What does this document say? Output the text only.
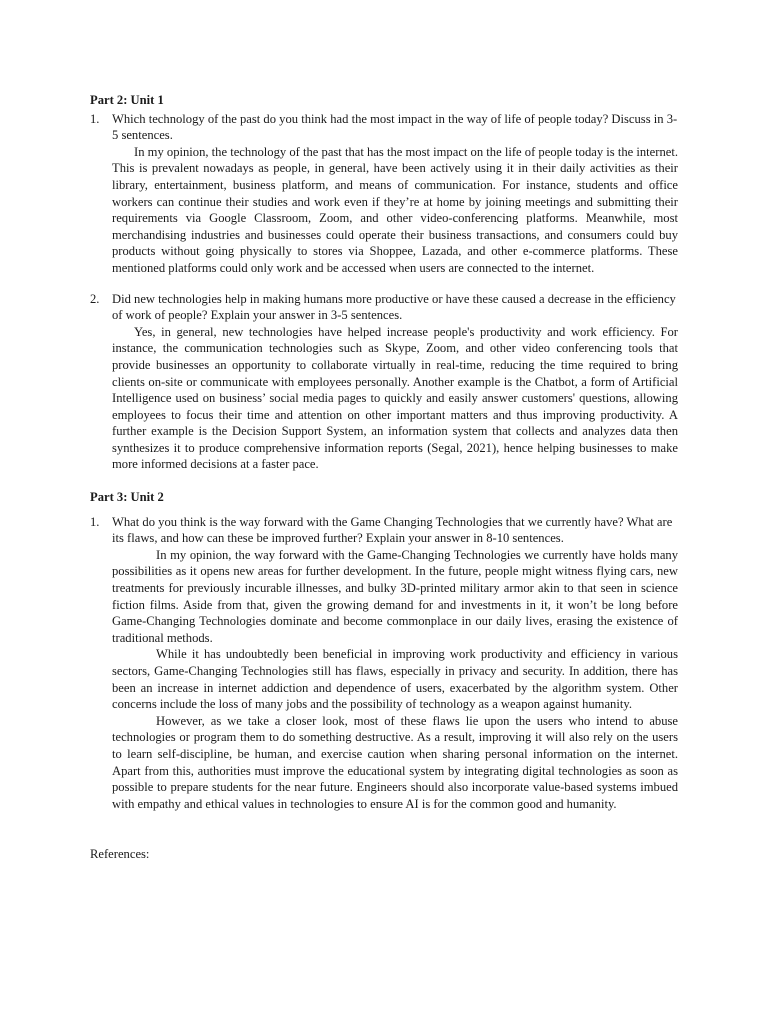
Part 2: Unit 1
1. Which technology of the past do you think had the most impact in the way of life of people today? Discuss in 3-5 sentences.

In my opinion, the technology of the past that has the most impact on the life of people today is the internet. This is prevalent nowadays as people, in general, have been actively using it in their daily activities as their library, entertainment, business platform, and means of communication. For instance, students and office workers can continue their studies and work even if they’re at home by joining meetings and submitting their requirements via Google Classroom, Zoom, and other video-conferencing platforms. Meanwhile, most merchandising industries and businesses could operate their business transactions, and consumers could buy products without going physically to stores via Shoppee, Lazada, and other e-commerce platforms. These mentioned platforms could only work and be accessed when users are connected to the internet.

2. Did new technologies help in making humans more productive or have these caused a decrease in the efficiency of work of people? Explain your answer in 3-5 sentences.

Yes, in general, new technologies have helped increase people's productivity and work efficiency. For instance, the communication technologies such as Skype, Zoom, and other video conferencing tools that provide businesses an opportunity to collaborate virtually in real-time, reducing the time required to bring clients on-site or communicate with employees personally. Another example is the Chatbot, a form of Artificial Intelligence used on business’ social media pages to quickly and easily answer customers' questions, allowing employees to focus their time and attention on other important matters and thus improving productivity. A further example is the Decision Support System, an information system that collects and analyzes data then synthesizes it to produce comprehensive information reports (Segal, 2021), hence helping businesses to make more informed decisions at a faster pace.

Part 3: Unit 2
1. What do you think is the way forward with the Game Changing Technologies that we currently have? What are its flaws, and how can these be improved further? Explain your answer in 8-10 sentences.

In my opinion, the way forward with the Game-Changing Technologies we currently have holds many possibilities as it opens new areas for further development. In the future, people might witness flying cars, new treatments for previously incurable illnesses, and bulky 3D-printed military armor akin to that seen in science fiction films. Aside from that, given the growing demand for and investments in it, it won’t be long before Game-Changing Technologies dominate and become commonplace in our daily lives, erasing the existence of traditional methods.

While it has undoubtedly been beneficial in improving work productivity and efficiency in various sectors, Game-Changing Technologies still has flaws, especially in privacy and security. In addition, there has been an increase in internet addiction and dependence of users, exacerbated by the algorithm system. Other concerns include the loss of many jobs and the possibility of technology as a weapon against humanity.

However, as we take a closer look, most of these flaws lie upon the users who intend to abuse technologies or program them to do something destructive. As a result, improving it will also rely on the users to learn self-discipline, be human, and exercise caution when sharing personal information on the internet. Apart from this, authorities must improve the educational system by integrating digital technologies as soon as possible to prepare students for the near future. Engineers should also incorporate value-based systems imbued with empathy and ethical values in technologies to ensure AI is for the common good and humanity.

References:
